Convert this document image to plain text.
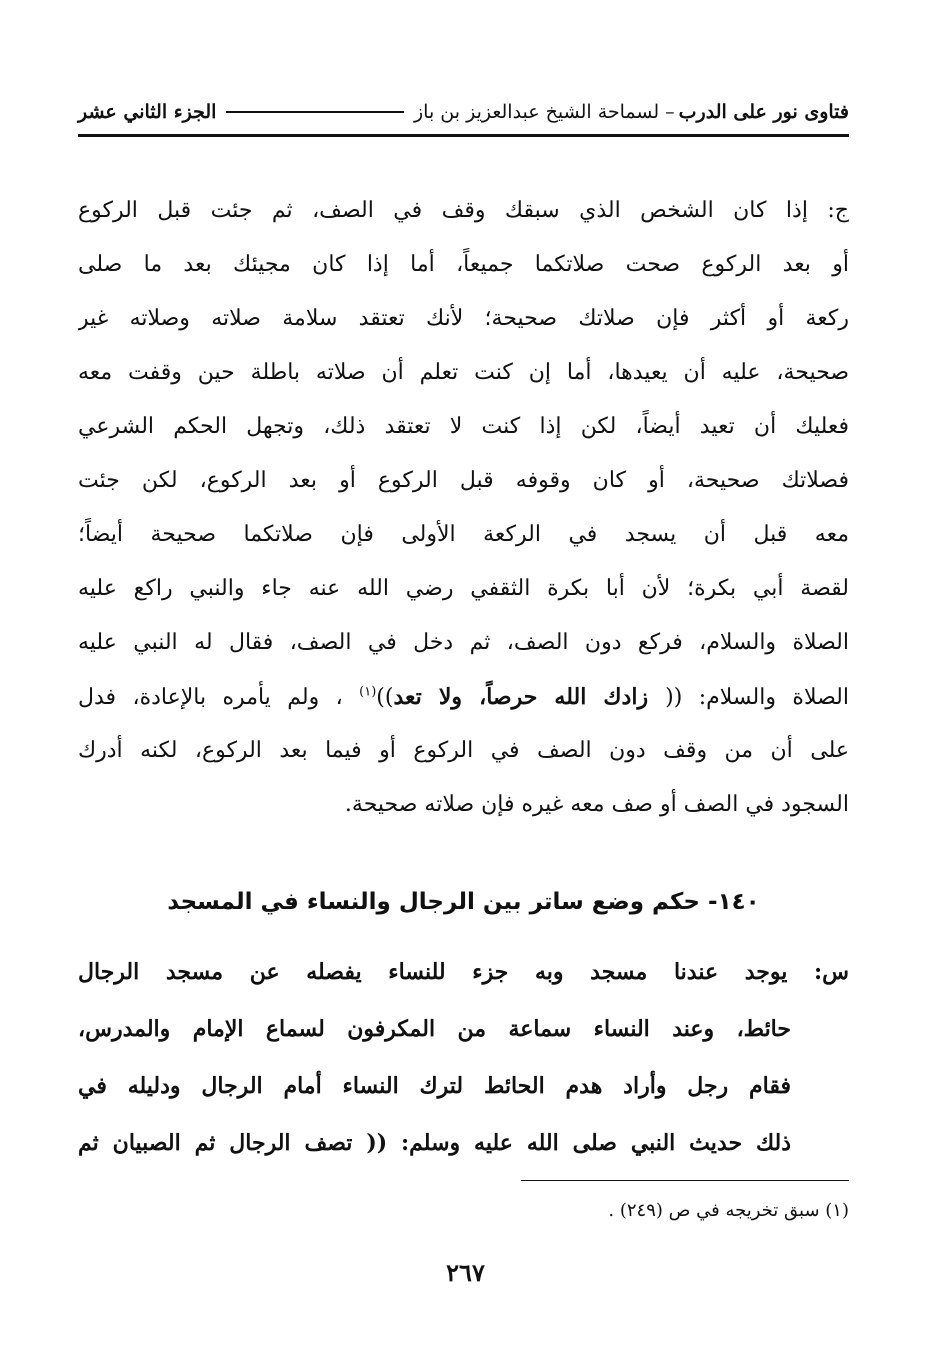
فتاوى نور على الدرب
–
لسماحة الشيخ عبدالعزيز بن باز
الجزء الثاني عشر
ج: إذا كان الشخص الذي سبقك وقف في الصف، ثم جئت قبل الركوع
أو بعد الركوع صحت صلاتكما جميعاً، أما إذا كان مجيئك بعد ما صلى
ركعة أو أكثر فإن صلاتك صحيحة؛ لأنك تعتقد سلامة صلاته وصلاته غير
صحيحة، عليه أن يعيدها، أما إن كنت تعلم أن صلاته باطلة حين وقفت معه
فعليك أن تعيد أيضاً، لكن إذا كنت لا تعتقد ذلك، وتجهل الحكم الشرعي
فصلاتك صحيحة، أو كان وقوفه قبل الركوع أو بعد الركوع، لكن جئت
معه قبل أن يسجد في الركعة الأولى فإن صلاتكما صحيحة أيضاً؛
لقصة أبي بكرة؛ لأن أبا بكرة الثقفي رضي الله عنه جاء والنبي راكع عليه
الصلاة والسلام، فركع دون الصف، ثم دخل في الصف، فقال له النبي عليه
الصلاة والسلام: (( زادك الله حرصاً، ولا تعد))$^{(١)}$ ، ولم يأمره بالإعادة، فدل
على أن من وقف دون الصف في الركوع أو فيما بعد الركوع، لكنه أدرك
السجود في الصف أو صف معه غيره فإن صلاته صحيحة.
١٤٠- حكم وضع ساتر بين الرجال والنساء في المسجد
س: يوجد عندنا مسجد وبه جزء للنساء يفصله عن مسجد الرجال
حائط، وعند النساء سماعة من المكرفون لسماع الإمام والمدرس،
فقام رجل وأراد هدم الحائط لترك النساء أمام الرجال ودليله في
ذلك حديث النبي صلى الله عليه وسلم: (( تصف الرجال ثم الصبيان ثم
(١) سبق تخريجه في ص (٢٤٩) .
٢٦٧
